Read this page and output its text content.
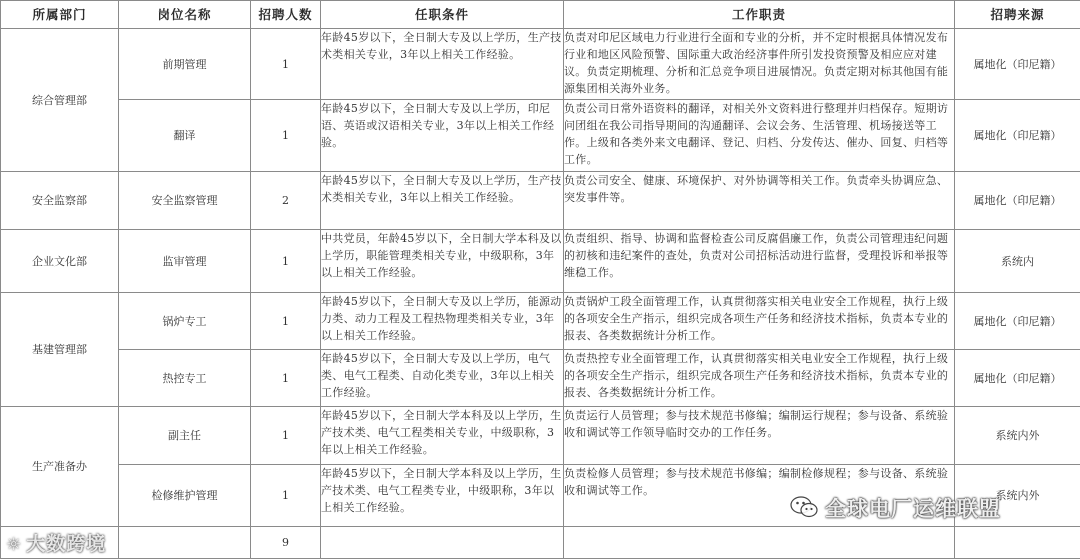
所属部门	岗位名称	招聘人数	任职条件	工作职责	招聘来源
综合管理部	前期管理	1	年龄45岁以下，全日制大专及以上学历，生产技术类相关专业，3年以上相关工作经验。	负责对印尼区域电力行业进行全面和专业的分析，并不定时根据具体情况发布行业和地区风险预警、国际重大政治经济事件所引发投资预警及相应应对建议。负责定期梳理、分析和汇总竞争项目进展情况。负责定期对标其他国有能源集团相关海外业务。	属地化（印尼籍）
	翻译	1	年龄45岁以下，全日制大专及以上学历，印尼语、英语或汉语相关专业，3年以上相关工作经验。	负责公司日常外语资料的翻译，对相关外文资料进行整理并归档保存。短期访问团组在我公司指导期间的沟通翻译、会议会务、生活管理、机场接送等工作。上级和各类外来文电翻译、登记、归档、分发传达、催办、回复、归档等工作。	属地化（印尼籍）
安全监察部	安全监察管理	2	年龄45岁以下，全日制大专及以上学历，生产技术类相关专业，3年以上相关工作经验。	负责公司安全、健康、环境保护、对外协调等相关工作。负责牵头协调应急、突发事件等。	属地化（印尼籍）
企业文化部	监审管理	1	中共党员，年龄45岁以下，全日制大学本科及以上学历，职能管理类相关专业，中级职称，3年以上相关工作经验。	负责组织、指导、协调和监督检查公司反腐倡廉工作，负责公司管理违纪问题的初核和违纪案件的查处，负责对公司招标活动进行监督，受理投诉和举报等维稳工作。	系统内
基建管理部	锅炉专工	1	年龄45岁以下，全日制大专及以上学历，能源动力类、动力工程及工程热物理类相关专业，3年以上相关工作经验。	负责锅炉工段全面管理工作，认真贯彻落实相关电业安全工作规程，执行上级的各项安全生产指示，组织完成各项生产任务和经济技术指标，负责本专业的报表、各类数据统计分析工作。	属地化（印尼籍）
	热控专工	1	年龄45岁以下，全日制大专及以上学历，电气类、电气工程类、自动化类专业，3年以上相关工作经验。	负责热控专业全面管理工作，认真贯彻落实相关电业安全工作规程，执行上级的各项安全生产指示，组织完成各项生产任务和经济技术指标，负责本专业的报表、各类数据统计分析工作。	属地化（印尼籍）
生产准备办	副主任	1	年龄45岁以下，全日制大学本科及以上学历，生产技术类、电气工程类相关专业，中级职称，3年以上相关工作经验。	负责运行人员管理；参与技术规范书修编；编制运行规程；参与设备、系统验收和调试等工作领导临时交办的工作任务。	系统内外
	检修维护管理	1	年龄45岁以下，全日制大学本科及以上学历，生产技术类、电气工程类专业，中级职称，3年以上相关工作经验。	负责检修人员管理；参与技术规范书修编；编制检修规程；参与设备、系统验收和调试等工作。	系统内外
		9			
☼ 大数跨境
全球电厂运维联盟
